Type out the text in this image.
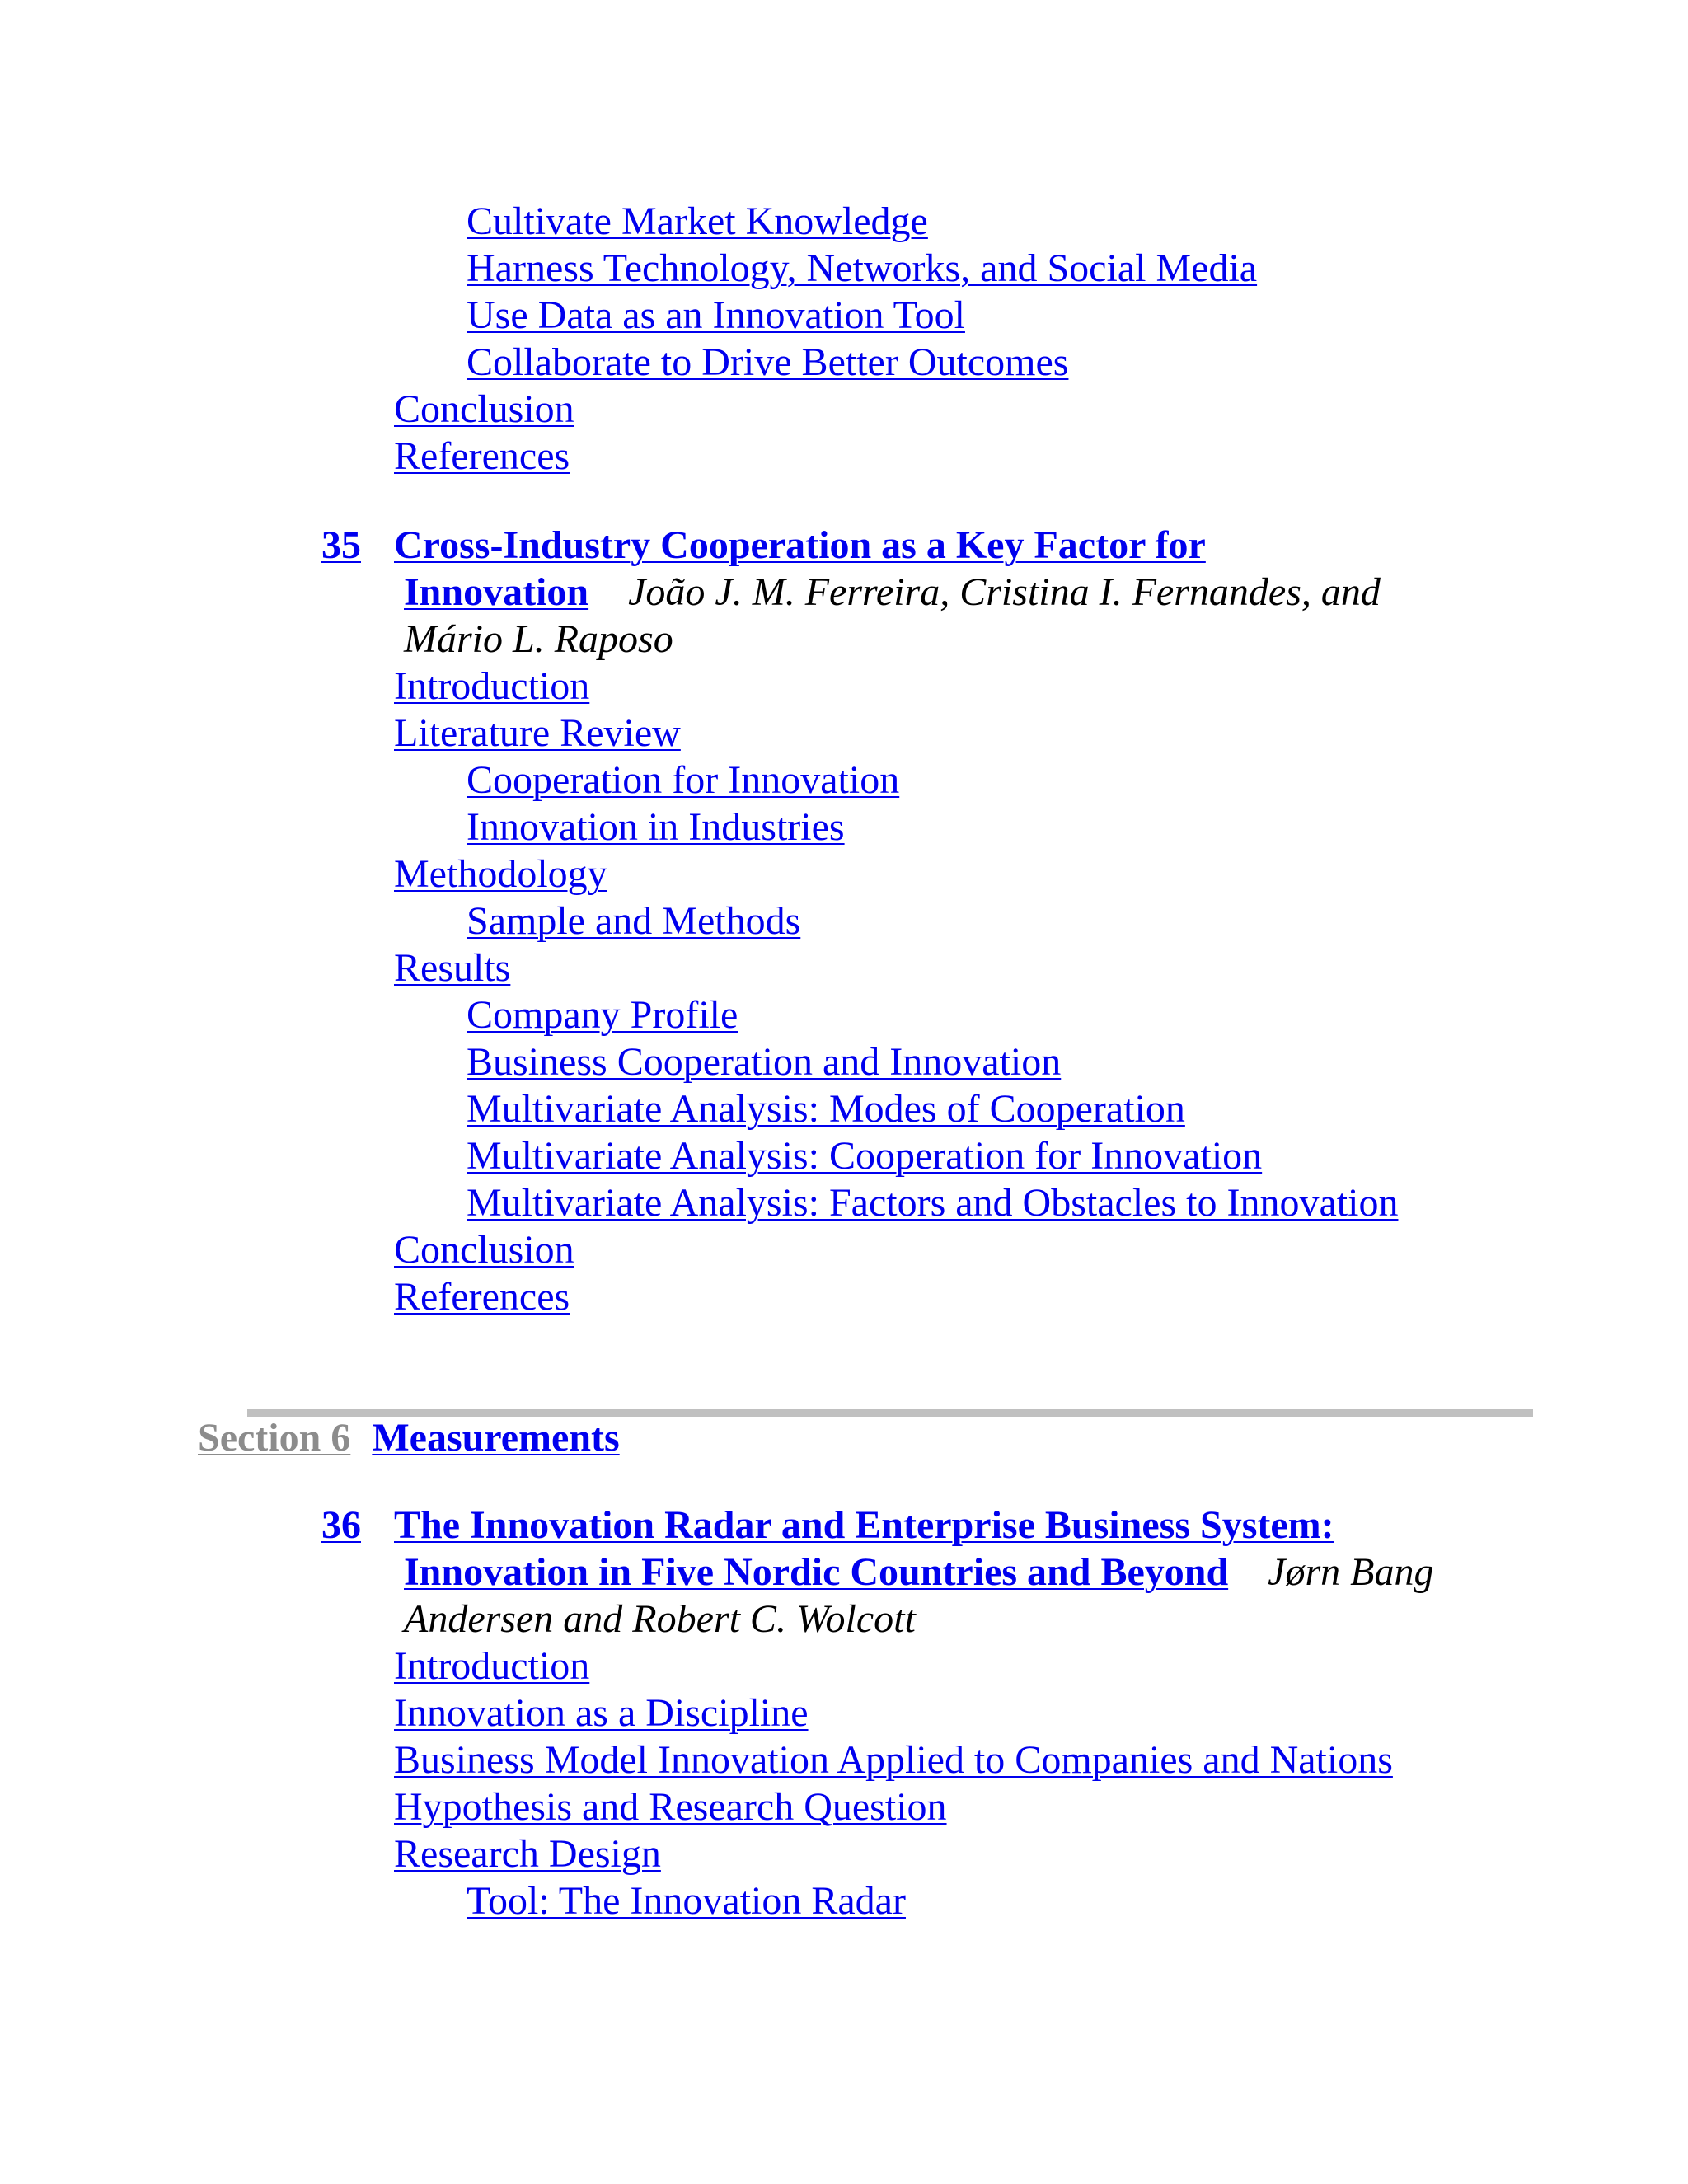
Cultivate Market Knowledge
Harness Technology, Networks, and Social Media
Use Data as an Innovation Tool
Collaborate to Drive Better Outcomes
Conclusion
References
35 Cross-Industry Cooperation as a Key Factor for
Innovation João J. M. Ferreira, Cristina I. Fernandes, and
Mário L. Raposo
Introduction
Literature Review
Cooperation for Innovation
Innovation in Industries
Methodology
Sample and Methods
Results
Company Profile
Business Cooperation and Innovation
Multivariate Analysis: Modes of Cooperation
Multivariate Analysis: Cooperation for Innovation
Multivariate Analysis: Factors and Obstacles to Innovation
Conclusion
References
Section 6 Measurements
36 The Innovation Radar and Enterprise Business System:
Innovation in Five Nordic Countries and Beyond Jørn Bang
Andersen and Robert C. Wolcott
Introduction
Innovation as a Discipline
Business Model Innovation Applied to Companies and Nations
Hypothesis and Research Question
Research Design
Tool: The Innovation Radar
